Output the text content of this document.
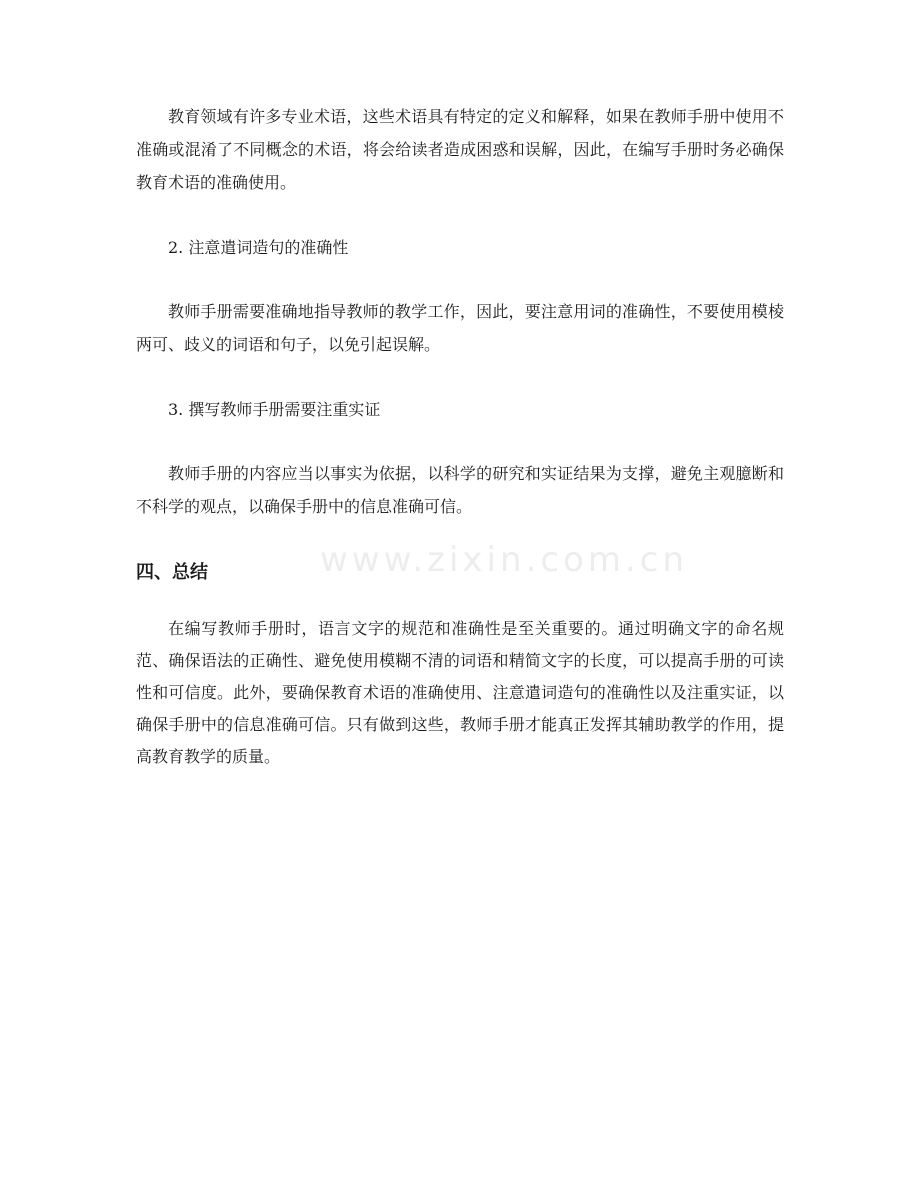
教育领域有许多专业术语，这些术语具有特定的定义和解释，如果在教师手册中使用不准确或混淆了不同概念的术语，将会给读者造成困惑和误解，因此，在编写手册时务必确保教育术语的准确使用。

2. 注意遣词造句的准确性

教师手册需要准确地指导教师的教学工作，因此，要注意用词的准确性，不要使用模棱两可、歧义的词语和句子，以免引起误解。

3. 撰写教师手册需要注重实证

教师手册的内容应当以事实为依据，以科学的研究和实证结果为支撑，避免主观臆断和不科学的观点，以确保手册中的信息准确可信。

四、总结

在编写教师手册时，语言文字的规范和准确性是至关重要的。通过明确文字的命名规范、确保语法的正确性、避免使用模糊不清的词语和精简文字的长度，可以提高手册的可读性和可信度。此外，要确保教育术语的准确使用、注意遣词造句的准确性以及注重实证，以确保手册中的信息准确可信。只有做到这些，教师手册才能真正发挥其辅助教学的作用，提高教育教学的质量。

www.zixin.com.cn
